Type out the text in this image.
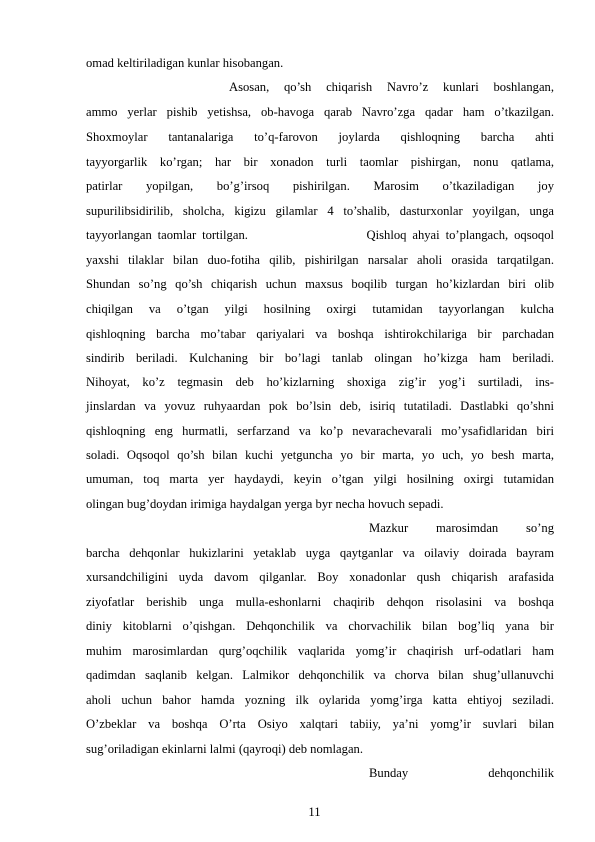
omad keltiriladigan kunlar hisobangan.
Asosan, qo’sh chiqarish Navro’z kunlari boshlangan,
ammo yerlar pishib yetishsa, ob-havoga qarab Navro’zga qadar ham o’tkazilgan.
Shoxmoylar tantanalariga to’q-farovon joylarda qishloqning barcha ahti
tayyorgarlik ko’rgan; har bir xonadon turli taomlar pishirgan, nonu qatlama,
patirlar yopilgan, bo’g’irsoq pishirilgan. Marosim o’tkaziladigan joy
supurilibsidirilib, sholcha, kigizu gilamlar 4 to’shalib, dasturxonlar yoyilgan, unga
tayyorlangan taomlar tortilgan.                    Qishloq ahyai to’plangach, oqsoqol
yaxshi tilaklar bilan duo-fotiha qilib, pishirilgan narsalar aholi orasida tarqatilgan.
Shundan so’ng qo’sh chiqarish uchun maxsus boqilib turgan ho’kizlardan biri olib
chiqilgan va o’tgan yilgi hosilning oxirgi tutamidan tayyorlangan kulcha
qishloqning barcha mo’tabar qariyalari va boshqa ishtirokchilariga bir parchadan
sindirib beriladi. Kulchaning bir bo’lagi tanlab olingan ho’kizga ham beriladi.
Nihoyat, ko’z tegmasin deb ho’kizlarning shoxiga zig’ir yog’i surtiladi, ins-
jinslardan va yovuz ruhyaardan pok bo’lsin deb, isiriq tutatiladi. Dastlabki qo’shni
qishloqning eng hurmatli, serfarzand va ko’p nevarachevarali mo’ysafidlaridan biri
soladi. Oqsoqol qo’sh bilan kuchi yetguncha yo bir marta, yo uch, yo besh marta,
umuman, toq marta yer haydaydi, keyin o’tgan yilgi hosilning oxirgi tutamidan
olingan bug’doydan irimiga haydalgan yerga byr necha hovuch sepadi.
Mazkur marosimdan so’ng
barcha dehqonlar hukizlarini yetaklab uyga qaytganlar va oilaviy doirada bayram
xursandchiligini uyda davom qilganlar. Boy xonadonlar qush chiqarish arafasida
ziyofatlar berishib unga mulla-eshonlarni chaqirib dehqon risolasini va boshqa
diniy kitoblarni o’qishgan. Dehqonchilik va chorvachilik bilan bog’liq yana bir
muhim marosimlardan qurg’oqchilik vaqlarida yomg’ir chaqirish urf-odatlari ham
qadimdan saqlanib kelgan. Lalmikor dehqonchilik va chorva bilan shug’ullanuvchi
aholi uchun bahor hamda yozning ilk oylarida yomg’irga katta ehtiyoj seziladi.
O’zbeklar va boshqa O’rta Osiyo xalqtari tabiiy, ya’ni yomg’ir suvlari bilan
sug’oriladigan ekinlarni lalmi (qayroqi) deb nomlagan.
Bunday dehqonchilik
11
